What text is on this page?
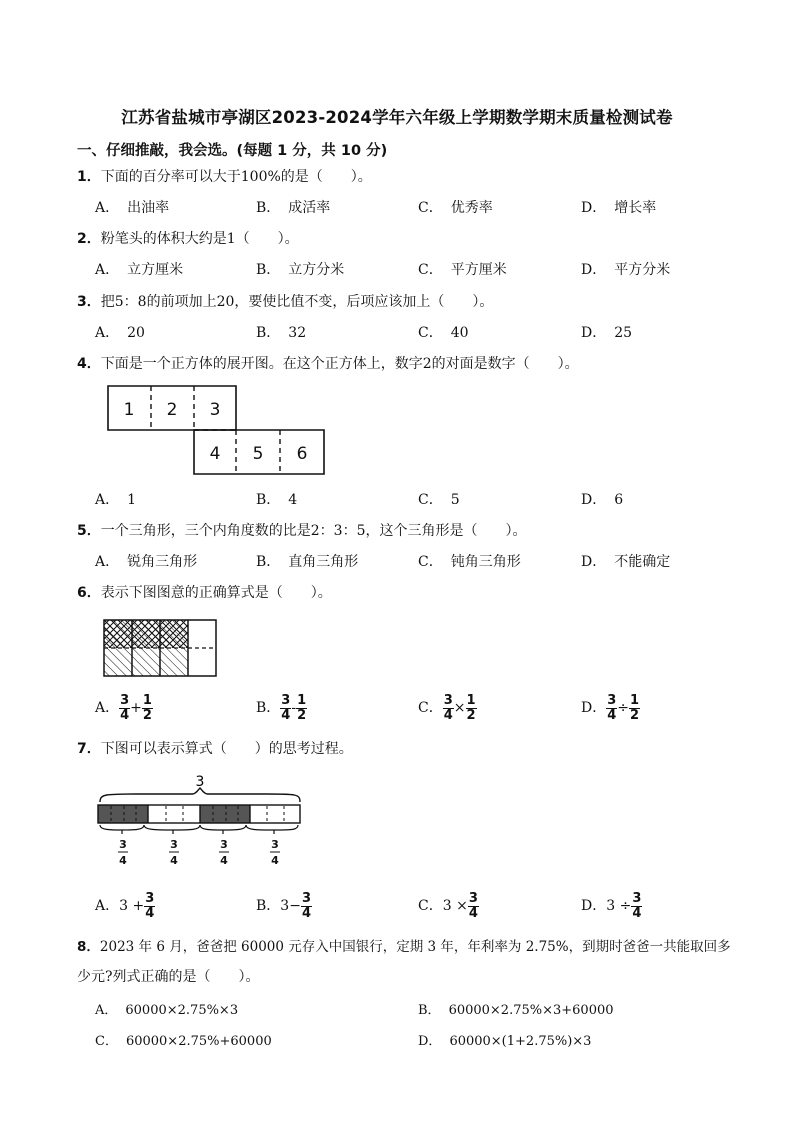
江苏省盐城市亭湖区2023-2024学年六年级上学期数学期末质量检测试卷
一、仔细推敲，我会选。(每题 1 分，共 10 分)
1．下面的百分率可以大于100%的是（　　）。
A． 出油率	B． 成活率	C． 优秀率	D． 增长率
2．粉笔头的体积大约是1（　　）。
A． 立方厘米	B． 立方分米	C． 平方厘米	D． 平方分米
3．把5：8的前项加上20，要使比值不变，后项应该加上（　　）。
A． 20	B． 32	C． 40	D． 25
4．下面是一个正方体的展开图。在这个正方体上，数字2的对面是数字（　　）。
1 2 3
4 5 6
A． 1	B． 4	C． 5	D． 6
5．一个三角形，三个内角度数的比是2：3：5，这个三角形是（　　）。
A． 锐角三角形	B． 直角三角形	C． 钝角三角形	D． 不能确定
6．表示下图图意的正确算式是（　　）。
A． $\frac{3}{4} + \frac{1}{2}$	B． $\frac{3}{4} - \frac{1}{2}$	C． $\frac{3}{4} \times \frac{1}{2}$	D． $\frac{3}{4} \div \frac{1}{2}$
7．下图可以表示算式（　　）的思考过程。
3
3
4
3
4
3
4
3
4
A．$3 + \frac{3}{4}$	B．$3- \frac{3}{4}$	C．$3 \times \frac{3}{4}$	D．$3 \div \frac{3}{4}$
8．2023 年 6 月，爸爸把 60000 元存入中国银行，定期 3 年，年利率为 2.75%，到期时爸爸一共能取回多
少元?列式正确的是（　　）。
A． 60000×2.75%×3	B． 60000×2.75%×3+60000
C． 60000×2.75%+60000	D． 60000×(1+2.75%)×3
